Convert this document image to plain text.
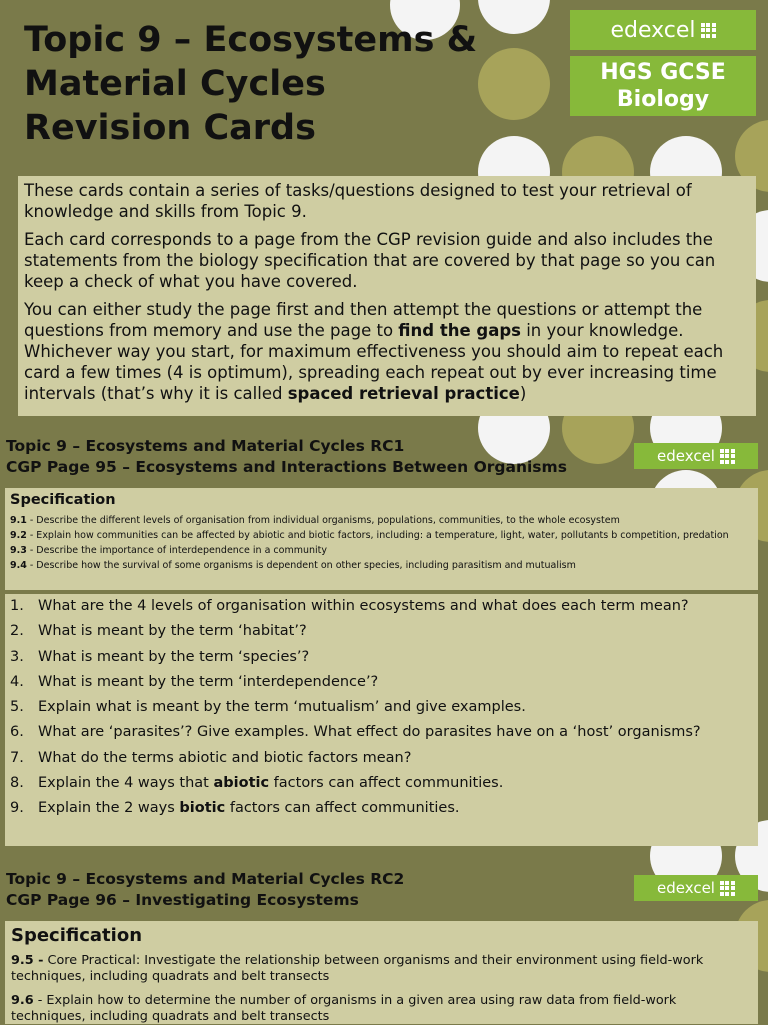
Topic 9 – Ecosystems &
Material Cycles
Revision Cards
edexcel
HGS GCSE
Biology

These cards contain a series of tasks/questions designed to test your retrieval of knowledge and skills from Topic 9.

Each card corresponds to a page from the CGP revision guide and also includes the statements from the biology specification that are covered by that page so you can keep a check of what you have covered.

You can either study the page first and then attempt the questions or attempt the questions from memory and use the page to find the gaps in your knowledge. Whichever way you start, for maximum effectiveness you should aim to repeat each card a few times (4 is optimum), spreading each repeat out by ever increasing time intervals (that’s why it is called spaced retrieval practice)

Topic 9 – Ecosystems and Material Cycles RC1
CGP Page 95 – Ecosystems and Interactions Between Organisms
edexcel
Specification

9.1 - Describe the different levels of organisation from individual organisms, populations, communities, to the whole ecosystem

9.2 - Explain how communities can be affected by abiotic and biotic factors, including: a temperature, light, water, pollutants b competition, predation

9.3 - Describe the importance of interdependence in a community

9.4 - Describe how the survival of some organisms is dependent on other species, including parasitism and mutualism

1. What are the 4 levels of organisation within ecosystems and what does each term mean?
2. What is meant by the term ‘habitat’?
3. What is meant by the term ‘species’?
4. What is meant by the term ‘interdependence’?
5. Explain what is meant by the term ‘mutualism’ and give examples.
6. What are ‘parasites’? Give examples. What effect do parasites have on a ‘host’ organisms?
7. What do the terms abiotic and biotic factors mean?
8. Explain the 4 ways that abiotic factors can affect communities.
9. Explain the 2 ways biotic factors can affect communities.
Topic 9 – Ecosystems and Material Cycles RC2
CGP Page 96 – Investigating Ecosystems
edexcel
Specification

9.5 - Core Practical: Investigate the relationship between organisms and their environment using field-work techniques, including quadrats and belt transects

9.6 - Explain how to determine the number of organisms in a given area using raw data from field-work techniques, including quadrats and belt transects
